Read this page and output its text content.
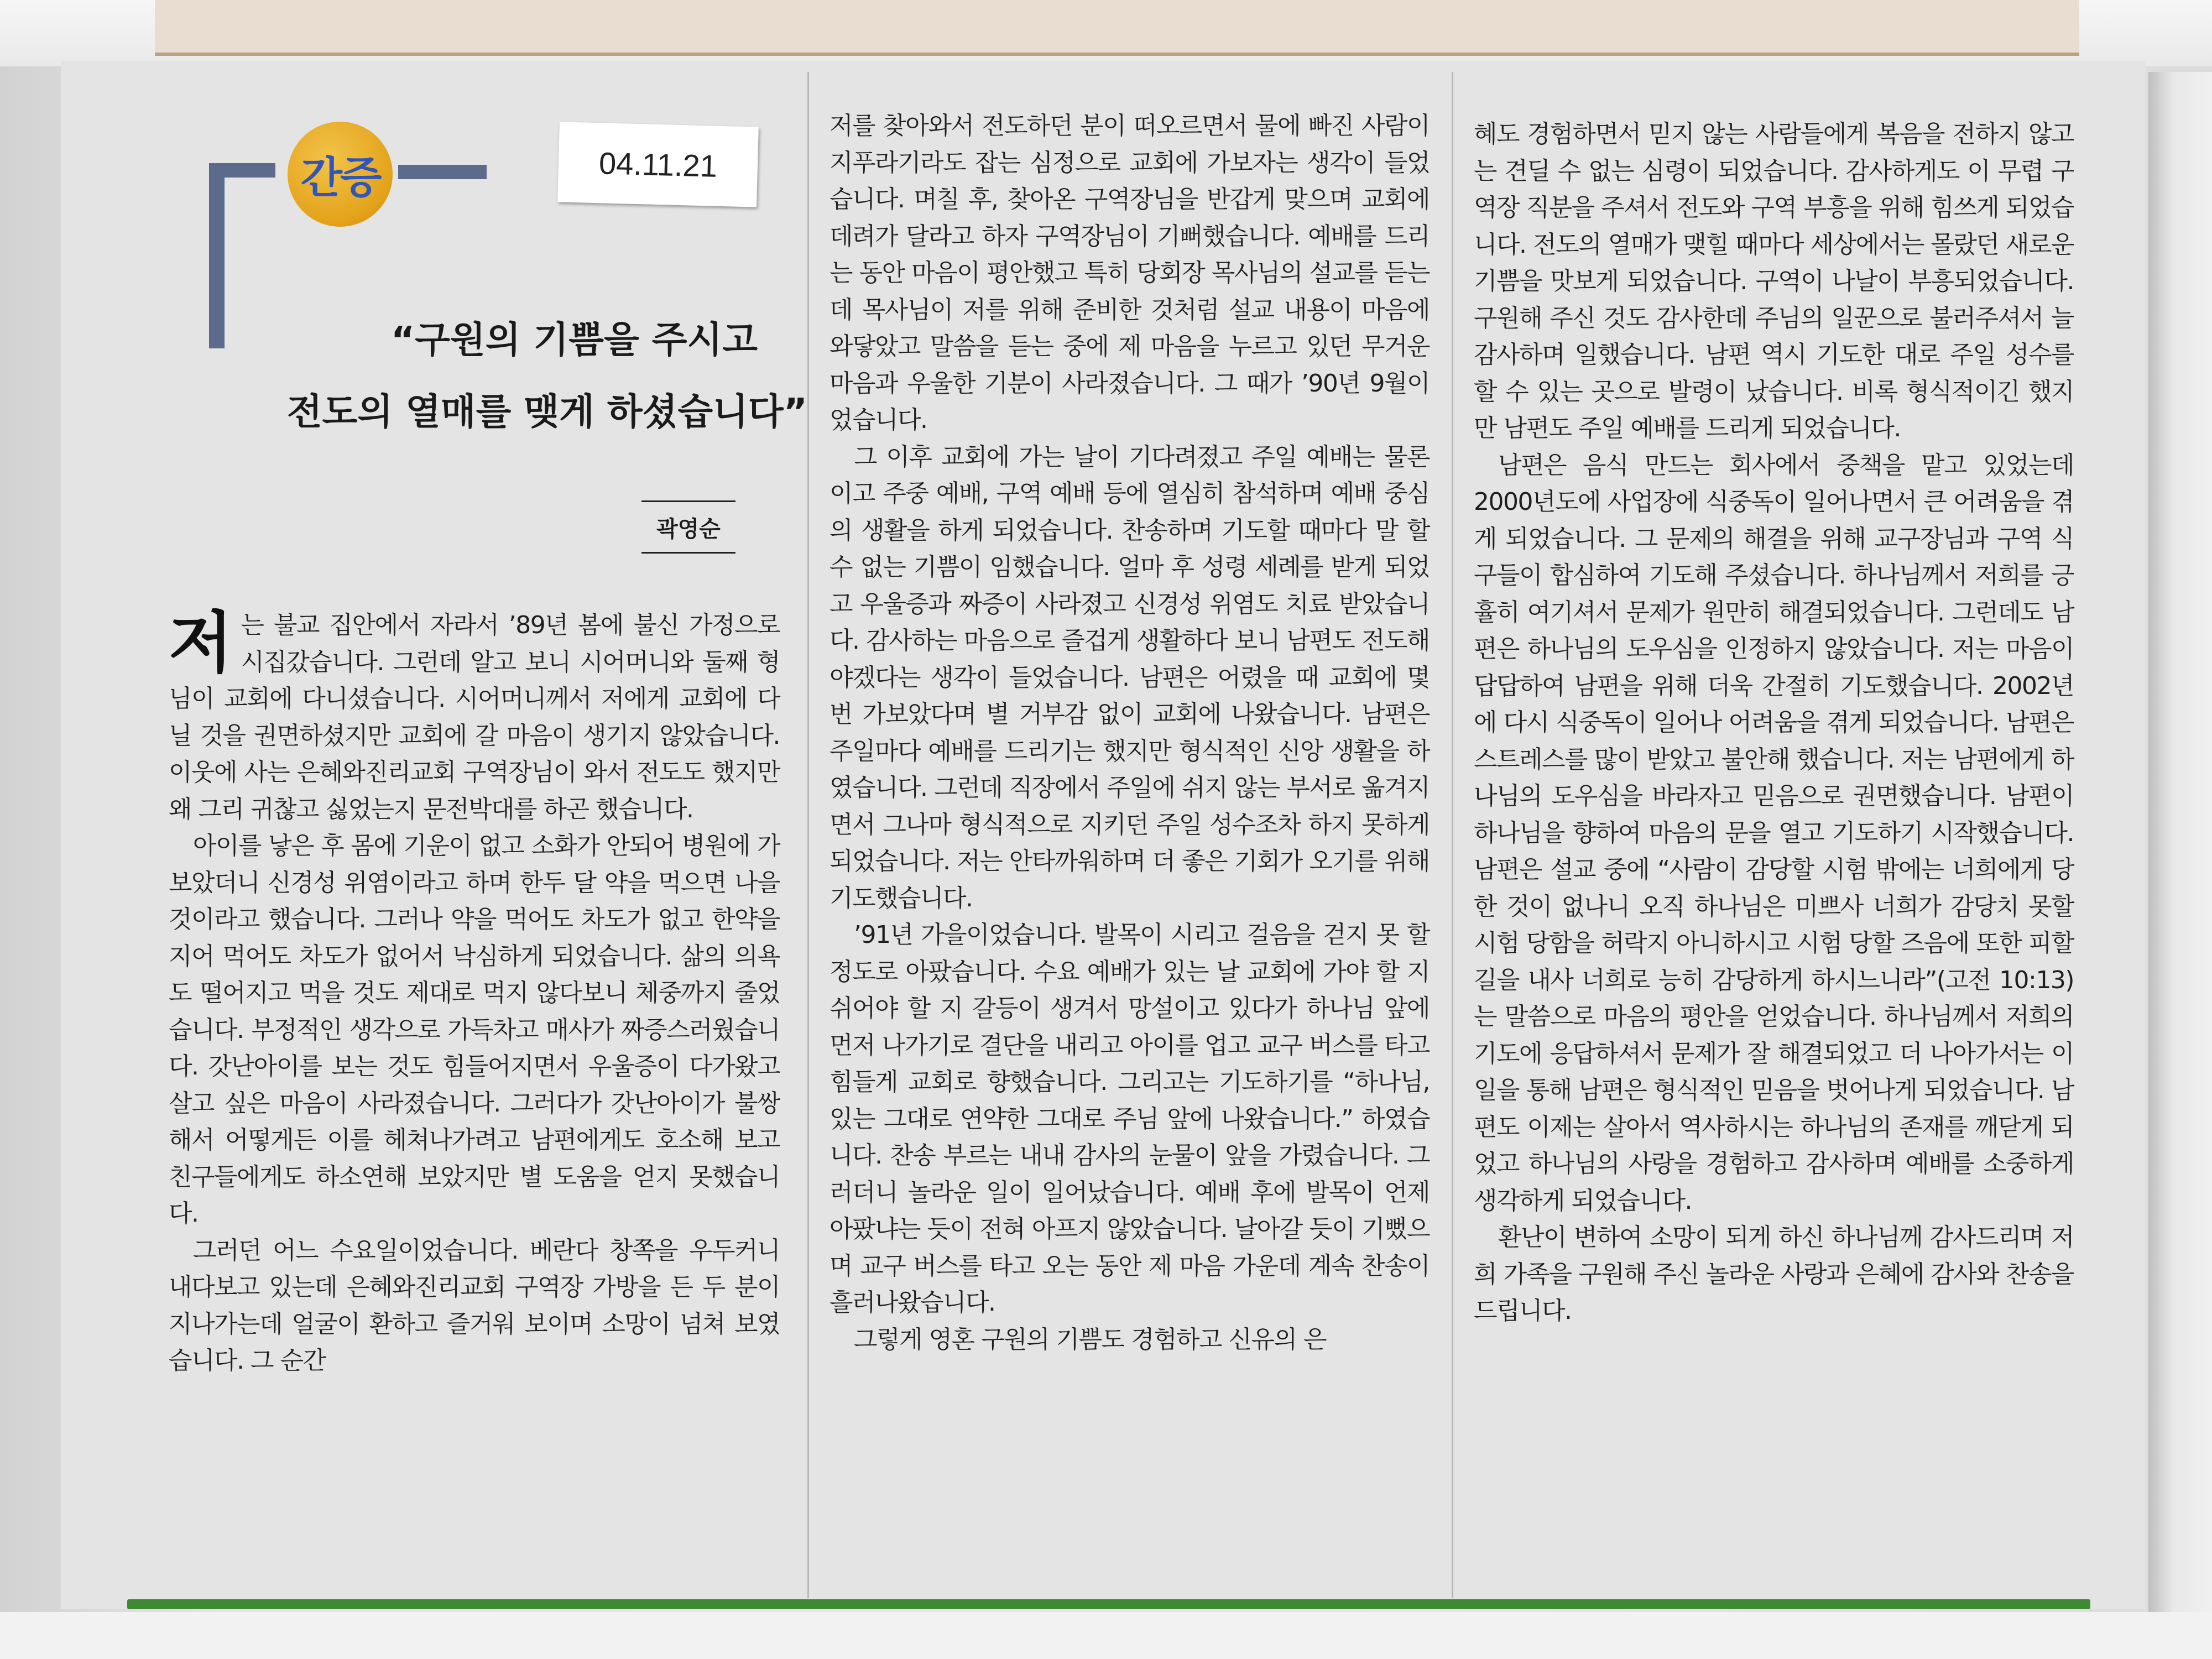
간증	04.11.21
“구원의 기쁨을 주시고
전도의 열매를 맺게 하셨습니다”
곽영순

저는 불교 집안에서 자라서 ’89년 봄에 불신 가정으로 시집갔습니다. 그런데 알고 보니 시어머니와 둘째 형님이 교회에 다니셨습니다. 시어머니께서 저에게 교회에 다닐 것을 권면하셨지만 교회에 갈 마음이 생기지 않았습니다. 이웃에 사는 은혜와진리교회 구역장님이 와서 전도도 했지만 왜 그리 귀찮고 싫었는지 문전박대를 하곤 했습니다.

아이를 낳은 후 몸에 기운이 없고 소화가 안되어 병원에 가 보았더니 신경성 위염이라고 하며 한두 달 약을 먹으면 나을 것이라고 했습니다. 그러나 약을 먹어도 차도가 없고 한약을 지어 먹어도 차도가 없어서 낙심하게 되었습니다. 삶의 의욕도 떨어지고 먹을 것도 제대로 먹지 않다보니 체중까지 줄었습니다. 부정적인 생각으로 가득차고 매사가 짜증스러웠습니다. 갓난아이를 보는 것도 힘들어지면서 우울증이 다가왔고 살고 싶은 마음이 사라졌습니다. 그러다가 갓난아이가 불쌍해서 어떻게든 이를 헤쳐나가려고 남편에게도 호소해 보고 친구들에게도 하소연해 보았지만 별 도움을 얻지 못했습니다.

그러던 어느 수요일이었습니다. 베란다 창쪽을 우두커니 내다보고 있는데 은혜와진리교회 구역장 가방을 든 두 분이 지나가는데 얼굴이 환하고 즐거워 보이며 소망이 넘쳐 보였습니다. 그 순간

저를 찾아와서 전도하던 분이 떠오르면서 물에 빠진 사람이 지푸라기라도 잡는 심정으로 교회에 가보자는 생각이 들었습니다. 며칠 후, 찾아온 구역장님을 반갑게 맞으며 교회에 데려가 달라고 하자 구역장님이 기뻐했습니다. 예배를 드리는 동안 마음이 평안했고 특히 당회장 목사님의 설교를 듣는데 목사님이 저를 위해 준비한 것처럼 설교 내용이 마음에 와닿았고 말씀을 듣는 중에 제 마음을 누르고 있던 무거운 마음과 우울한 기분이 사라졌습니다. 그 때가 ’90년 9월이었습니다.

그 이후 교회에 가는 날이 기다려졌고 주일 예배는 물론이고 주중 예배, 구역 예배 등에 열심히 참석하며 예배 중심의 생활을 하게 되었습니다. 찬송하며 기도할 때마다 말 할 수 없는 기쁨이 임했습니다. 얼마 후 성령 세례를 받게 되었고 우울증과 짜증이 사라졌고 신경성 위염도 치료 받았습니다. 감사하는 마음으로 즐겁게 생활하다 보니 남편도 전도해야겠다는 생각이 들었습니다. 남편은 어렸을 때 교회에 몇 번 가보았다며 별 거부감 없이 교회에 나왔습니다. 남편은 주일마다 예배를 드리기는 했지만 형식적인 신앙 생활을 하였습니다. 그런데 직장에서 주일에 쉬지 않는 부서로 옮겨지면서 그나마 형식적으로 지키던 주일 성수조차 하지 못하게 되었습니다. 저는 안타까워하며 더 좋은 기회가 오기를 위해 기도했습니다.

’91년 가을이었습니다. 발목이 시리고 걸음을 걷지 못 할 정도로 아팠습니다. 수요 예배가 있는 날 교회에 가야 할 지 쉬어야 할 지 갈등이 생겨서 망설이고 있다가 하나님 앞에 먼저 나가기로 결단을 내리고 아이를 업고 교구 버스를 타고 힘들게 교회로 향했습니다. 그리고는 기도하기를 “하나님, 있는 그대로 연약한 그대로 주님 앞에 나왔습니다.” 하였습니다. 찬송 부르는 내내 감사의 눈물이 앞을 가렸습니다. 그러더니 놀라운 일이 일어났습니다. 예배 후에 발목이 언제 아팠냐는 듯이 전혀 아프지 않았습니다. 날아갈 듯이 기뻤으며 교구 버스를 타고 오는 동안 제 마음 가운데 계속 찬송이 흘러나왔습니다.

그렇게 영혼 구원의 기쁨도 경험하고 신유의 은

혜도 경험하면서 믿지 않는 사람들에게 복음을 전하지 않고는 견딜 수 없는 심령이 되었습니다. 감사하게도 이 무렵 구역장 직분을 주셔서 전도와 구역 부흥을 위해 힘쓰게 되었습니다. 전도의 열매가 맺힐 때마다 세상에서는 몰랐던 새로운 기쁨을 맛보게 되었습니다. 구역이 나날이 부흥되었습니다. 구원해 주신 것도 감사한데 주님의 일꾼으로 불러주셔서 늘 감사하며 일했습니다. 남편 역시 기도한 대로 주일 성수를 할 수 있는 곳으로 발령이 났습니다. 비록 형식적이긴 했지만 남편도 주일 예배를 드리게 되었습니다.

남편은 음식 만드는 회사에서 중책을 맡고 있었는데 2000년도에 사업장에 식중독이 일어나면서 큰 어려움을 겪게 되었습니다. 그 문제의 해결을 위해 교구장님과 구역 식구들이 합심하여 기도해 주셨습니다. 하나님께서 저희를 긍휼히 여기셔서 문제가 원만히 해결되었습니다. 그런데도 남편은 하나님의 도우심을 인정하지 않았습니다. 저는 마음이 답답하여 남편을 위해 더욱 간절히 기도했습니다. 2002년에 다시 식중독이 일어나 어려움을 겪게 되었습니다. 남편은 스트레스를 많이 받았고 불안해 했습니다. 저는 남편에게 하나님의 도우심을 바라자고 믿음으로 권면했습니다. 남편이 하나님을 향하여 마음의 문을 열고 기도하기 시작했습니다. 남편은 설교 중에 “사람이 감당할 시험 밖에는 너희에게 당한 것이 없나니 오직 하나님은 미쁘사 너희가 감당치 못할 시험 당함을 허락지 아니하시고 시험 당할 즈음에 또한 피할 길을 내사 너희로 능히 감당하게 하시느니라”(고전 10:13)는 말씀으로 마음의 평안을 얻었습니다. 하나님께서 저희의 기도에 응답하셔서 문제가 잘 해결되었고 더 나아가서는 이 일을 통해 남편은 형식적인 믿음을 벗어나게 되었습니다. 남편도 이제는 살아서 역사하시는 하나님의 존재를 깨닫게 되었고 하나님의 사랑을 경험하고 감사하며 예배를 소중하게 생각하게 되었습니다.

환난이 변하여 소망이 되게 하신 하나님께 감사드리며 저희 가족을 구원해 주신 놀라운 사랑과 은혜에 감사와 찬송을 드립니다.
